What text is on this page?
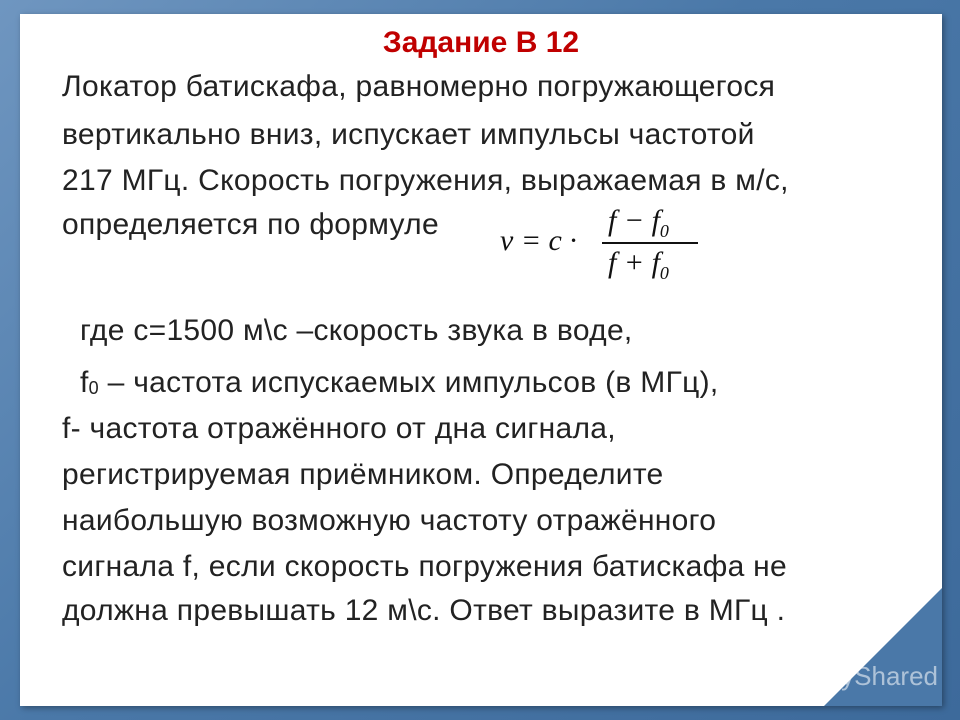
Задание В 12
Локатор батискафа, равномерно погружающегося
вертикально вниз, испускает импульсы частотой
217 МГц. Скорость погружения, выражаемая в м/с,
определяется по формуле v = c ·
$f - f_0$
$f + f_0$
где с=1500 м\с –скорость звука в воде,
f0 – частота испускаемых импульсов (в МГц),
f- частота отражённого от дна сигнала,
регистрируемая приёмником. Определите
наибольшую возможную частоту отражённого
сигнала f, если скорость погружения батискафа не
должна превышать 12 м\с. Ответ выразите в МГц .
MyShared
